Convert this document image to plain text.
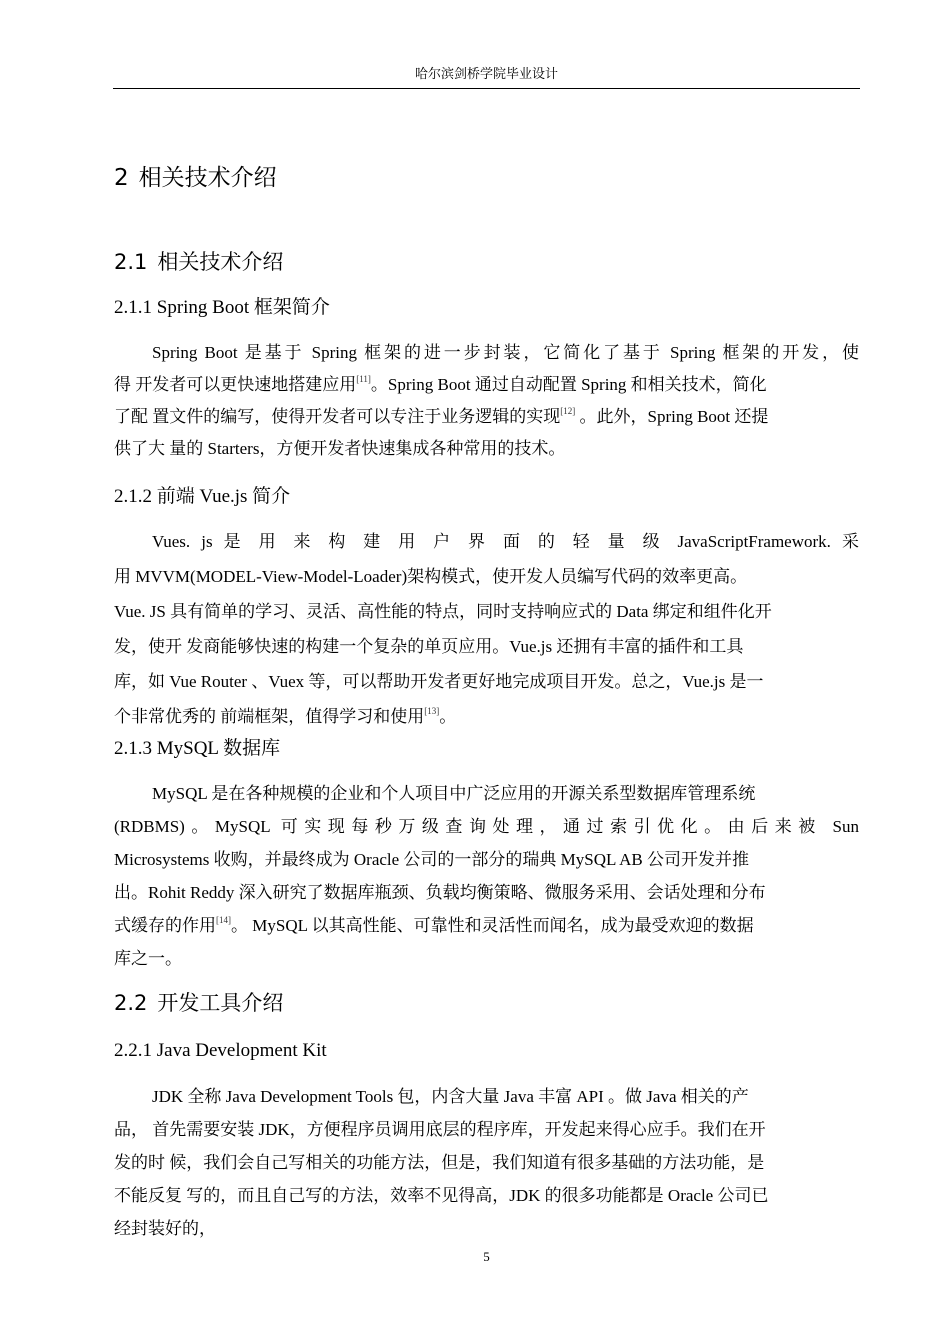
哈尔滨剑桥学院毕业设计
2 相关技术介绍
2.1 相关技术介绍
2.1.1 Spring Boot 框架简介
Spring Boot 是基于 Spring 框架的进一步封装，它简化了基于 Spring 框架的开发，使
得 开发者可以更快速地搭建应用[11]。Spring Boot 通过自动配置 Spring 和相关技术，简化
了配 置文件的编写，使得开发者可以专注于业务逻辑的实现[12] 。此外，Spring Boot 还提
供了大 量的 Starters，方便开发者快速集成各种常用的技术。
2.1.2 前端 Vue.js 简介
Vues. js 是 用 来 构 建 用 户 界 面 的 轻 量 级 JavaScriptFramework. 采
用 MVVM(MODEL-View-Model-Loader)架构模式，使开发人员编写代码的效率更高。
Vue. JS 具有简单的学习、灵活、高性能的特点，同时支持响应式的 Data 绑定和组件化开
发，使开 发商能够快速的构建一个复杂的单页应用。Vue.js 还拥有丰富的插件和工具
库，如 Vue Router 、Vuex 等，可以帮助开发者更好地完成项目开发。总之，Vue.js 是一
个非常优秀的 前端框架，值得学习和使用[13]。
2.1.3 MySQL 数据库
MySQL 是在各种规模的企业和个人项目中广泛应用的开源关系型数据库管理系统
(RDBMS)。MySQL 可实现每秒万级查询处理，通过索引优化。由后来被 Sun
Microsystems 收购，并最终成为 Oracle 公司的一部分的瑞典 MySQL AB 公司开发并推
出。Rohit Reddy 深入研究了数据库瓶颈、负载均衡策略、微服务采用、会话处理和分布
式缓存的作用[14]。 MySQL 以其高性能、可靠性和灵活性而闻名，成为最受欢迎的数据
库之一。
2.2 开发工具介绍
2.2.1 Java Development Kit
JDK 全称 Java Development Tools 包，内含大量 Java 丰富 API 。做 Java 相关的产
品， 首先需要安装 JDK，方便程序员调用底层的程序库，开发起来得心应手。我们在开
发的时 候，我们会自己写相关的功能方法，但是，我们知道有很多基础的方法功能，是
不能反复 写的，而且自己写的方法，效率不见得高，JDK 的很多功能都是 Oracle 公司已
经封装好的，
5
